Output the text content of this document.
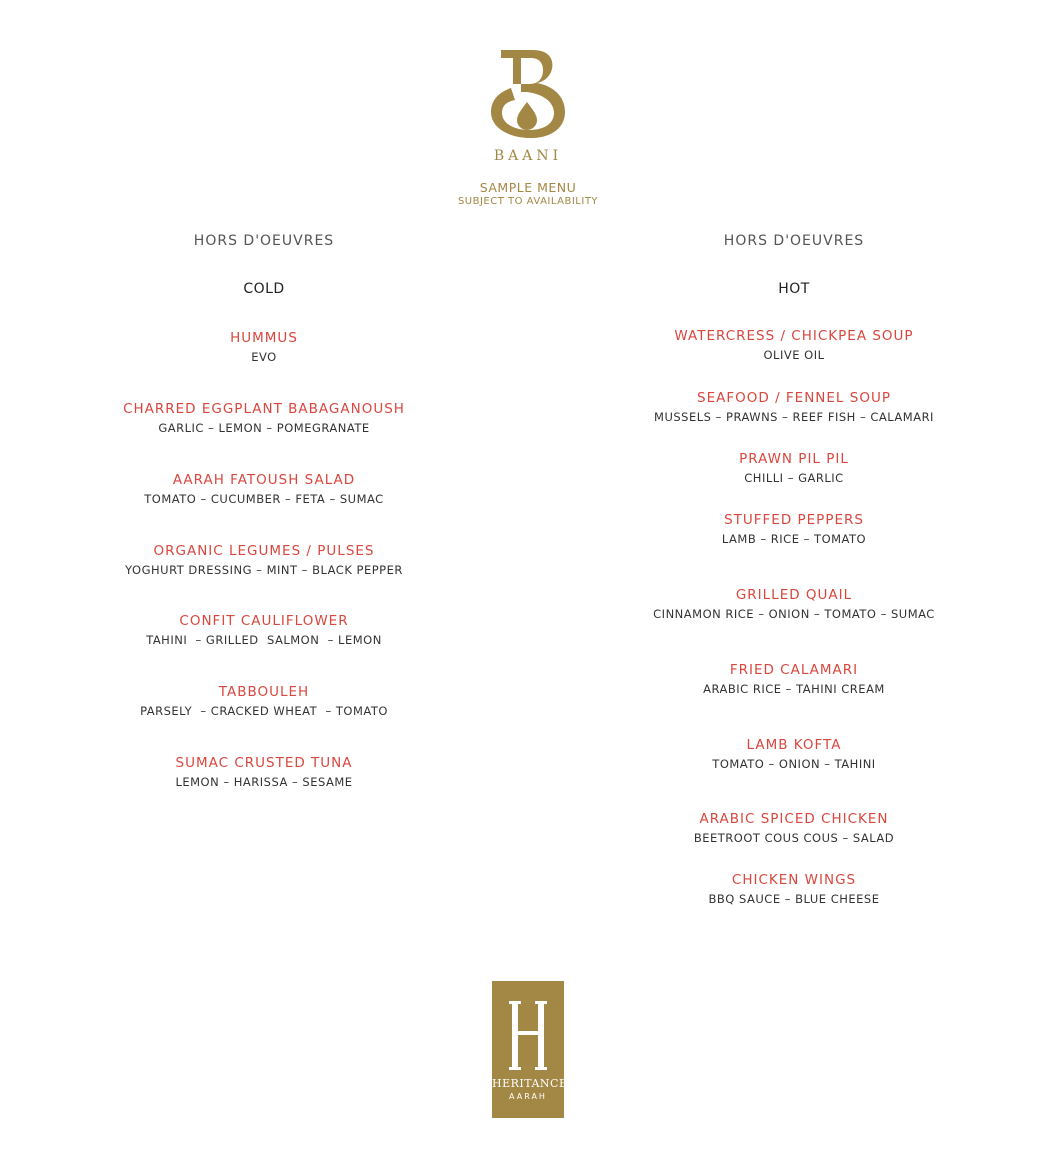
BAANI
SAMPLE MENU
SUBJECT TO AVAILABILITY
HORS D'OEUVRES
COLD
HUMMUS
EVO
CHARRED EGGPLANT BABAGANOUSH
GARLIC – LEMON – POMEGRANATE
AARAH FATOUSH SALAD
TOMATO – CUCUMBER – FETA – SUMAC
ORGANIC LEGUMES / PULSES
YOGHURT DRESSING – MINT – BLACK PEPPER
CONFIT CAULIFLOWER
TAHINI  – GRILLED  SALMON  – LEMON
TABBOULEH
PARSELY  – CRACKED WHEAT  – TOMATO
SUMAC CRUSTED TUNA
LEMON – HARISSA – SESAME
HORS D'OEUVRES
HOT
WATERCRESS / CHICKPEA SOUP
OLIVE OIL
SEAFOOD / FENNEL SOUP
MUSSELS – PRAWNS – REEF FISH – CALAMARI
PRAWN PIL PIL
CHILLI – GARLIC
STUFFED PEPPERS
LAMB – RICE – TOMATO
GRILLED QUAIL
CINNAMON RICE – ONION – TOMATO – SUMAC
FRIED CALAMARI
ARABIC RICE – TAHINI CREAM
LAMB KOFTA
TOMATO – ONION – TAHINI
ARABIC SPICED CHICKEN
BEETROOT COUS COUS – SALAD
CHICKEN WINGS
BBQ SAUCE – BLUE CHEESE
HERITANCE
AARAH
